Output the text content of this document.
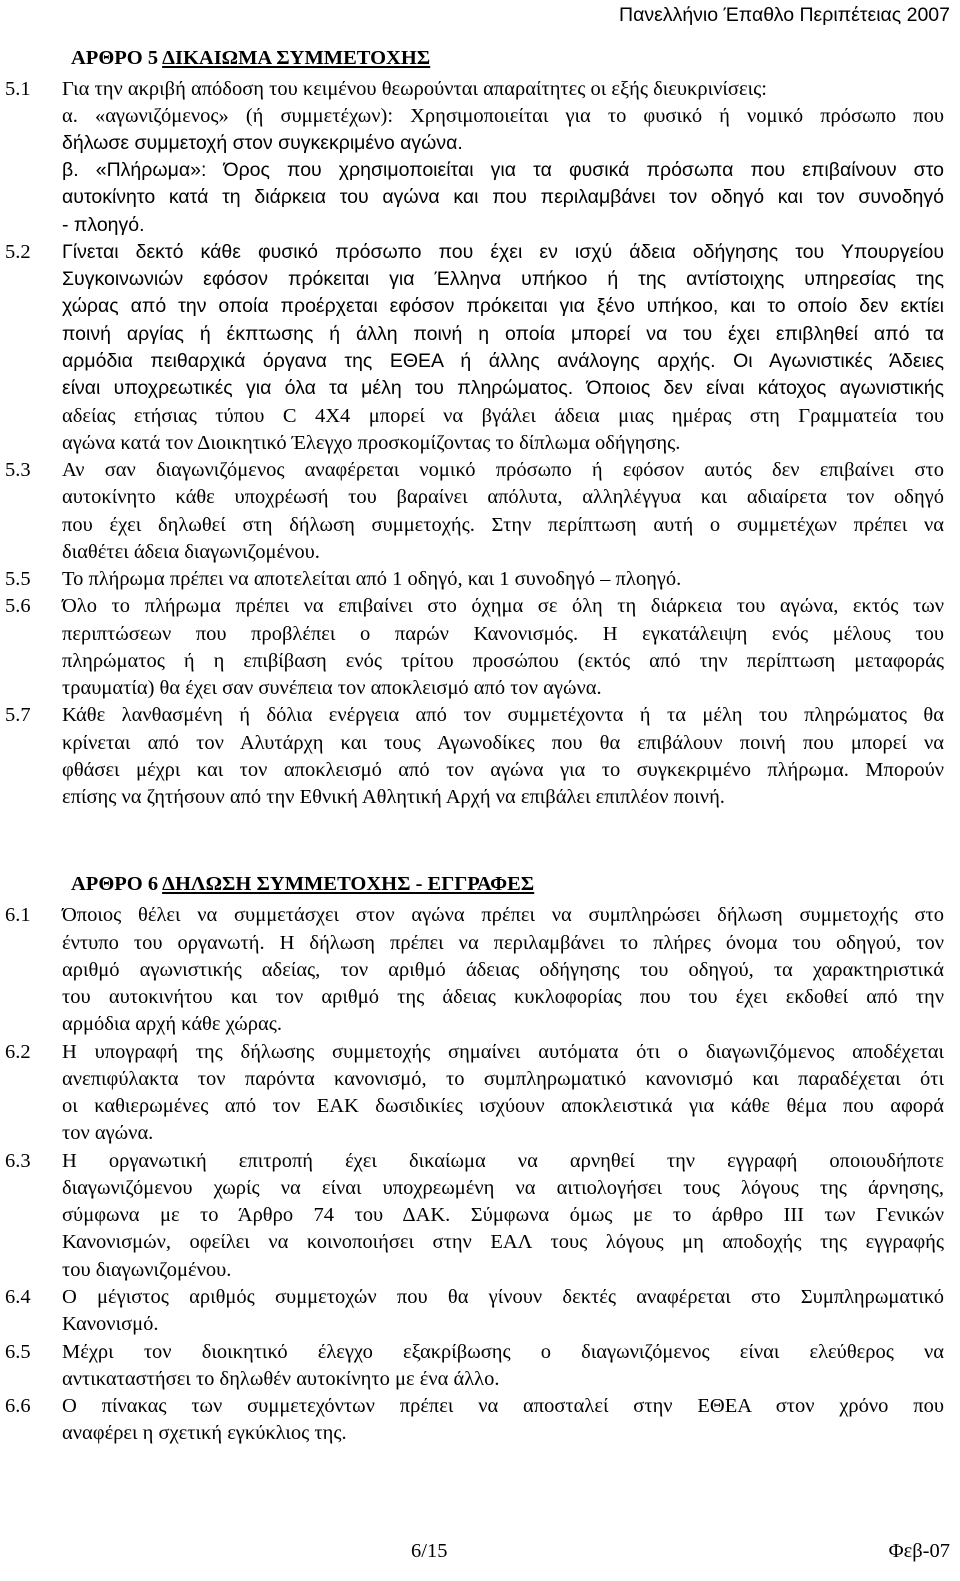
Πανελλήνιο Έπαθλο Περιπέτειας 2007
ΑΡΘΡΟ 5 ΔΙΚΑΙΩΜΑ ΣΥΜΜΕΤΟΧΗΣ
Για την ακριβή απόδοση του κειμένου θεωρούνται απαραίτητες οι εξής διευκρινίσεις:
α. «αγωνιζόμενος» (ή συμμετέχων): Χρησιμοποιείται για το φυσικό ή νομικό πρόσωπο που
δήλωσε συμμετοχή στον συγκεκριμένο αγώνα.
β. «Πλήρωμα»: Όρος που χρησιμοποιείται για τα φυσικά πρόσωπα που επιβαίνουν στο
αυτοκίνητο κατά τη διάρκεια του αγώνα και που περιλαμβάνει τον οδηγό και τον συνοδηγό
- πλοηγό.
Γίνεται δεκτό κάθε φυσικό πρόσωπο που έχει εν ισχύ άδεια οδήγησης του Υπουργείου
5.2
Συγκοινωνιών εφόσον πρόκειται για Έλληνα υπήκοο ή της αντίστοιχης υπηρεσίας της
χώρας από την οποία προέρχεται εφόσον πρόκειται για ξένο υπήκοο, και το οποίο δεν εκτίει
ποινή αργίας ή έκπτωσης ή άλλη ποινή η οποία μπορεί να του έχει επιβληθεί από τα
αρμόδια πειθαρχικά όργανα της ΕΘΕΑ ή άλλης ανάλογης αρχής. Οι Αγωνιστικές Άδειες
είναι υποχρεωτικές για όλα τα μέλη του πληρώματος. Όποιος δεν είναι κάτοχος αγωνιστικής
αδείας ετήσιας τύπου C 4X4 μπορεί να βγάλει άδεια μιας ημέρας στη Γραμματεία του
αγώνα κατά τον Διοικητικό Έλεγχο προσκομίζοντας το δίπλωμα οδήγησης.
5.3 Αν σαν διαγωνιζόμενος αναφέρεται νομικό πρόσωπο ή εφόσον αυτός δεν επιβαίνει στο
αυτοκίνητο κάθε υποχρέωσή του βαραίνει απόλυτα, αλληλέγγυα και αδιαίρετα τον οδηγό
που έχει δηλωθεί στη δήλωση συμμετοχής. Στην περίπτωση αυτή ο συμμετέχων πρέπει να
διαθέτει άδεια διαγωνιζομένου.
5.5 Το πλήρωμα πρέπει να αποτελείται από 1 οδηγό, και 1 συνοδηγό – πλοηγό.
5.6 Όλο το πλήρωμα πρέπει να επιβαίνει στο όχημα σε όλη τη διάρκεια του αγώνα, εκτός των
περιπτώσεων που προβλέπει ο παρών Κανονισμός. Η εγκατάλειψη ενός μέλους του
πληρώματος ή η επιβίβαση ενός τρίτου προσώπου (εκτός από την περίπτωση μεταφοράς
τραυματία) θα έχει σαν συνέπεια τον αποκλεισμό από τον αγώνα.
5.7 Κάθε λανθασμένη ή δόλια ενέργεια από τον συμμετέχοντα ή τα μέλη του πληρώματος θα
κρίνεται από τον Αλυτάρχη και τους Αγωνοδίκες που θα επιβάλουν ποινή που μπορεί να
φθάσει μέχρι και τον αποκλεισμό από τον αγώνα για το συγκεκριμένο πλήρωμα. Μπορούν
επίσης να ζητήσουν από την Εθνική Αθλητική Αρχή να επιβάλει επιπλέον ποινή.
ΑΡΘΡΟ 6 ΔΗΛΩΣΗ ΣΥΜΜΕΤΟΧΗΣ - ΕΓΓΡΑΦΕΣ
6.1 Όποιος θέλει να συμμετάσχει στον αγώνα πρέπει να συμπληρώσει δήλωση συμμετοχής στο
έντυπο του οργανωτή. Η δήλωση πρέπει να περιλαμβάνει το πλήρες όνομα του οδηγού, τον
αριθμό αγωνιστικής αδείας, τον αριθμό άδειας οδήγησης του οδηγού, τα χαρακτηριστικά
του αυτοκινήτου και τον αριθμό της άδειας κυκλοφορίας που του έχει εκδοθεί από την
αρμόδια αρχή κάθε χώρας.
6.2 Η υπογραφή της δήλωσης συμμετοχής σημαίνει αυτόματα ότι ο διαγωνιζόμενος αποδέχεται
ανεπιφύλακτα τον παρόντα κανονισμό, το συμπληρωματικό κανονισμό και παραδέχεται ότι
οι καθιερωμένες από τον ΕΑΚ δωσιδικίες ισχύουν αποκλειστικά για κάθε θέμα που αφορά
τον αγώνα.
6.3 Η οργανωτική επιτροπή έχει δικαίωμα να αρνηθεί την εγγραφή οποιουδήποτε
διαγωνιζόμενου χωρίς να είναι υποχρεωμένη να αιτιολογήσει τους λόγους της άρνησης,
σύμφωνα με το Άρθρο 74 του ΔΑΚ. Σύμφωνα όμως με το άρθρο ΙΙΙ των Γενικών
Κανονισμών, οφείλει να κοινοποιήσει στην ΕΑΛ τους λόγους μη αποδοχής της εγγραφής
του διαγωνιζομένου.
6.4 Ο μέγιστος αριθμός συμμετοχών που θα γίνουν δεκτές αναφέρεται στο Συμπληρωματικό
Κανονισμό.
6.5 Μέχρι τον διοικητικό έλεγχο εξακρίβωσης ο διαγωνιζόμενος είναι ελεύθερος να
αντικαταστήσει το δηλωθέν αυτοκίνητο με ένα άλλο.
6.6 Ο πίνακας των συμμετεχόντων πρέπει να αποσταλεί στην ΕΘΕΑ στον χρόνο που
αναφέρει η σχετική εγκύκλιος της.
6/15	Φεβ-07
5.1
